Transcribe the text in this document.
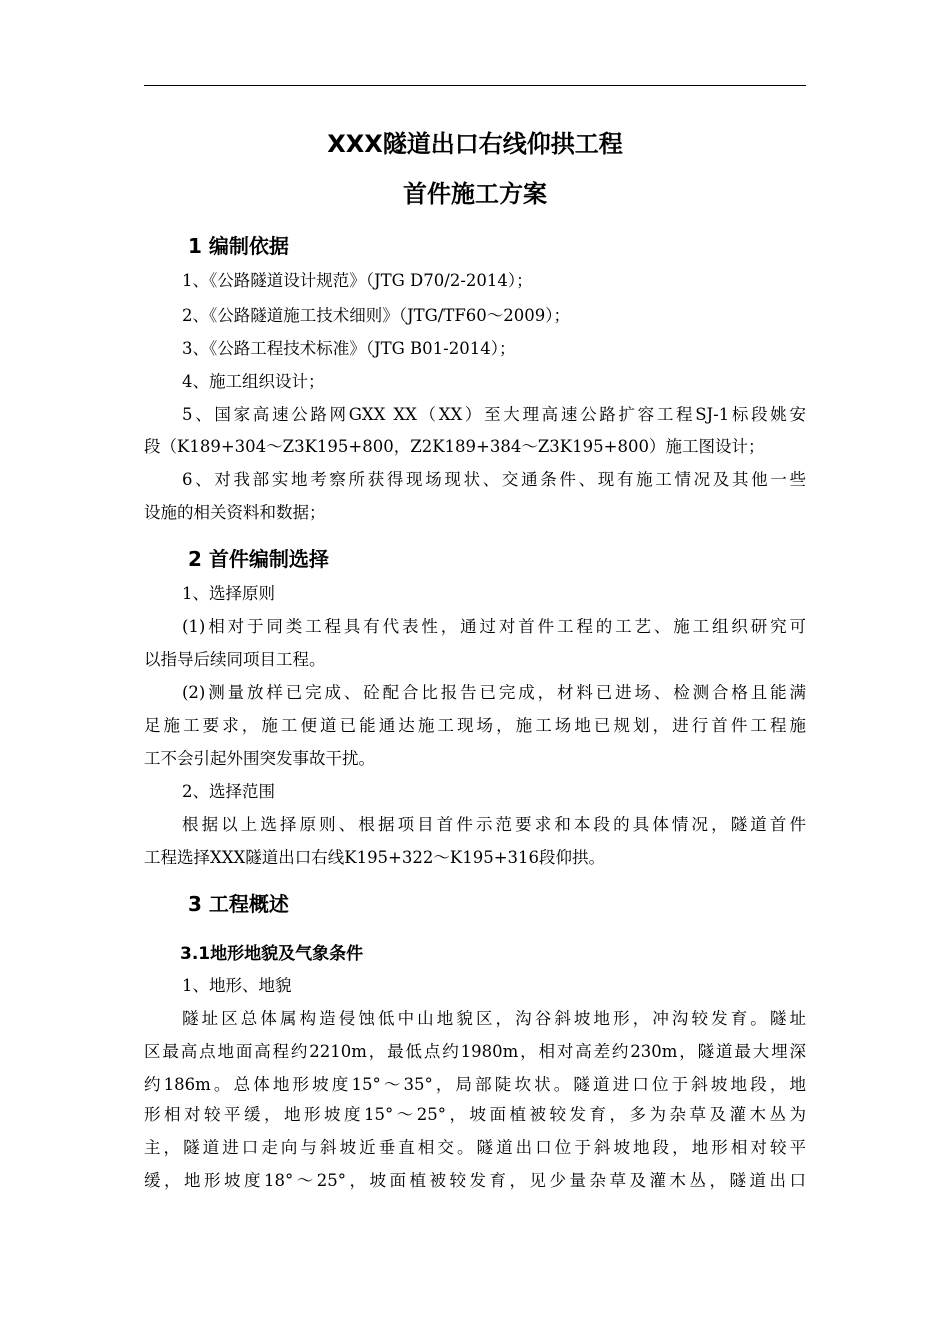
XXX隧道出口右线仰拱工程
首件施工方案
1 编制依据
1、《公路隧道设计规范》（JTG D70/2-2014）；
2、《公路隧道施工技术细则》（JTG/TF60～2009）；
3、《公路工程技术标准》（JTG B01-2014）；
4、施工组织设计；
5、国家高速公路网GXX XX（XX）至大理高速公路扩容工程SJ-1标段姚安
段（K189+304～Z3K195+800，Z2K189+384～Z3K195+800）施工图设计；
6、对我部实地考察所获得现场现状、交通条件、现有施工情况及其他一些
设施的相关资料和数据；
2 首件编制选择
1、选择原则
(1)相对于同类工程具有代表性，通过对首件工程的工艺、施工组织研究可
以指导后续同项目工程。
(2)测量放样已完成、砼配合比报告已完成，材料已进场、检测合格且能满
足施工要求，施工便道已能通达施工现场，施工场地已规划，进行首件工程施
工不会引起外围突发事故干扰。
2、选择范围
根据以上选择原则、根据项目首件示范要求和本段的具体情况，隧道首件
工程选择XXX隧道出口右线K195+322～K195+316段仰拱。
3 工程概述
3.1地形地貌及气象条件
1、地形、地貌
隧址区总体属构造侵蚀低中山地貌区，沟谷斜坡地形，冲沟较发育。隧址
区最高点地面高程约2210m，最低点约1980m，相对高差约230m，隧道最大埋深
约186m。总体地形坡度15°～35°，局部陡坎状。隧道进口位于斜坡地段，地
形相对较平缓，地形坡度15°～25°，坡面植被较发育，多为杂草及灌木丛为
主，隧道进口走向与斜坡近垂直相交。隧道出口位于斜坡地段，地形相对较平
缓，地形坡度18°～25°，坡面植被较发育，见少量杂草及灌木丛，隧道出口
